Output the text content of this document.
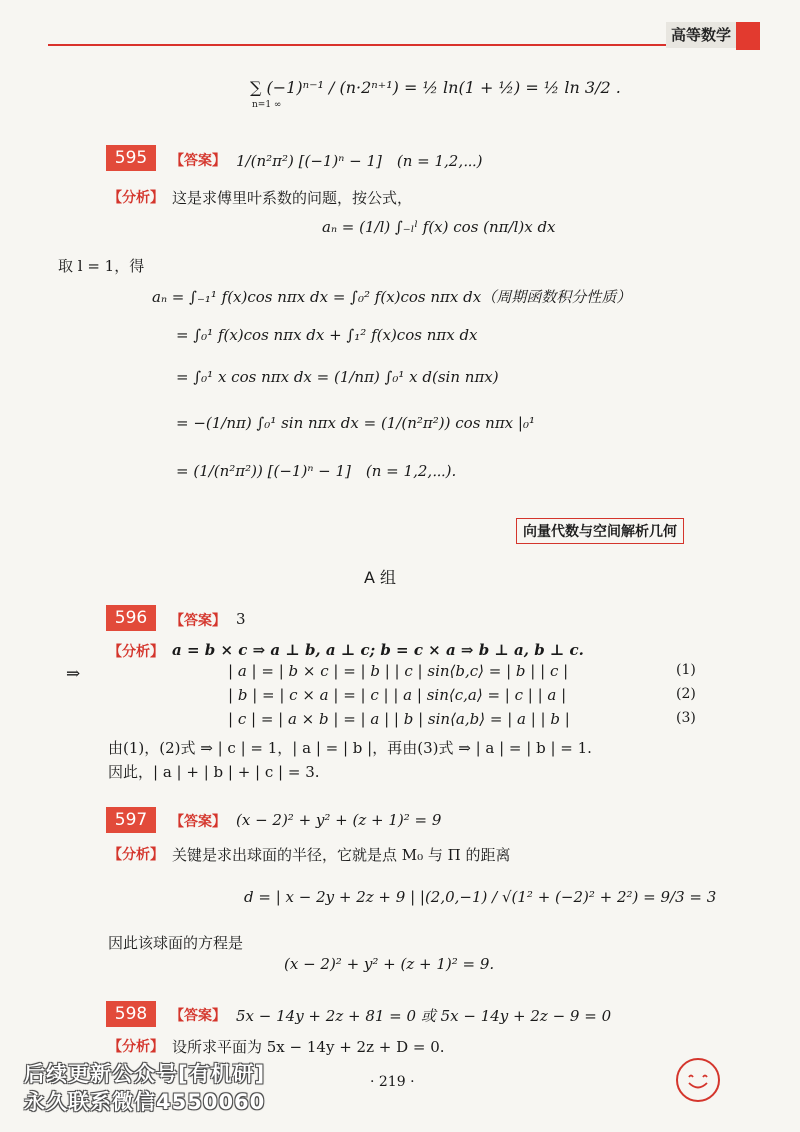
高等数学
∑ (−1)ⁿ⁻¹ / (n·2ⁿ⁺¹) = ½ ln(1 + ½) = ½ ln 3/2 .
n=1 ∞
595	【答案】 1/(n²π²) [(−1)ⁿ − 1]　(n = 1,2,⋯)
【分析】 这是求傅里叶系数的问题，按公式，
aₙ = (1/l) ∫₋ₗˡ f(x) cos (nπ/l)x dx
取 l = 1，得
aₙ = ∫₋₁¹ f(x)cos nπx dx = ∫₀² f(x)cos nπx dx（周期函数积分性质）
= ∫₀¹ f(x)cos nπx dx + ∫₁² f(x)cos nπx dx
= ∫₀¹ x cos nπx dx = (1/nπ) ∫₀¹ x d(sin nπx)
= −(1/nπ) ∫₀¹ sin nπx dx = (1/(n²π²)) cos nπx |₀¹
= (1/(n²π²)) [(−1)ⁿ − 1]　(n = 1,2,⋯).
向量代数与空间解析几何
A 组
596	【答案】 3
【分析】 a = b × c ⇒ a ⊥ b, a ⊥ c; b = c × a ⇒ b ⊥ a, b ⊥ c.
⇒	| a | = | b × c | = | b | | c | sin⟨b,c⟩ = | b | | c |	(1)
| b | = | c × a | = | c | | a | sin⟨c,a⟩ = | c | | a |	(2)
| c | = | a × b | = | a | | b | sin⟨a,b⟩ = | a | | b |	(3)
由(1)，(2)式 ⇒ | c | = 1，| a | = | b |，再由(3)式 ⇒ | a | = | b | = 1.
因此，| a | + | b | + | c | = 3.
597	【答案】 (x − 2)² + y² + (z + 1)² = 9
【分析】 关键是求出球面的半径，它就是点 M₀ 与 Π 的距离
d = | x − 2y + 2z + 9 | |(2,0,−1) / √(1² + (−2)² + 2²) = 9/3 = 3
因此该球面的方程是
(x − 2)² + y² + (z + 1)² = 9.
598	【答案】 5x − 14y + 2z + 81 = 0 或 5x − 14y + 2z − 9 = 0
【分析】 设所求平面为 5x − 14y + 2z + D = 0.
· 219 ·
后续更新公众号[有机研]
永久联系微信4550060
